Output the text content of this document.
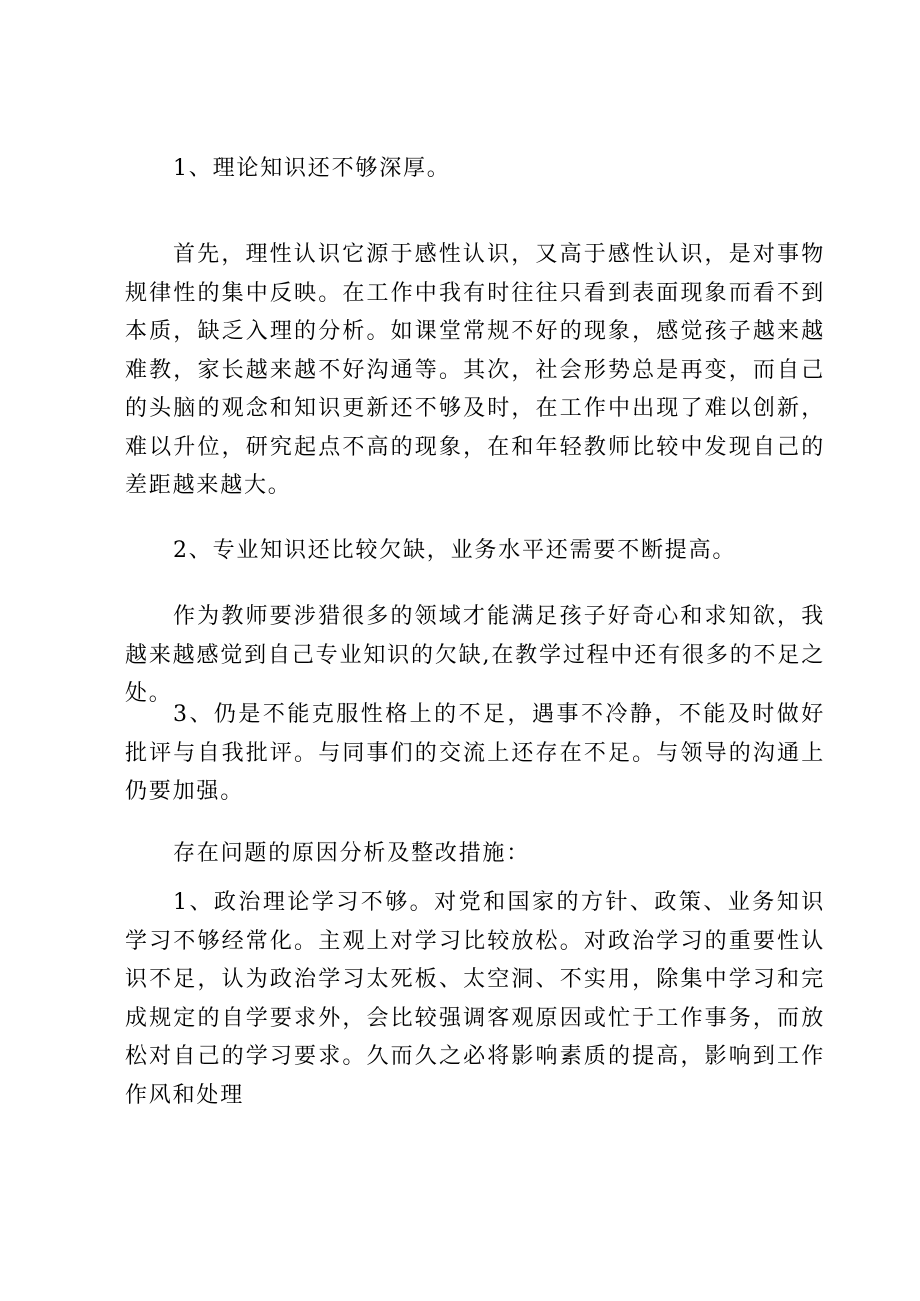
1、理论知识还不够深厚。

首先，理性认识它源于感性认识，又高于感性认识，是对事物规律性的集中反映。在工作中我有时往往只看到表面现象而看不到本质，缺乏入理的分析。如课堂常规不好的现象，感觉孩子越来越难教，家长越来越不好沟通等。其次，社会形势总是再变，而自己的头脑的观念和知识更新还不够及时，在工作中出现了难以创新，难以升位，研究起点不高的现象，在和年轻教师比较中发现自己的差距越来越大。

2、专业知识还比较欠缺，业务水平还需要不断提高。

作为教师要涉猎很多的领域才能满足孩子好奇心和求知欲，我越来越感觉到自己专业知识的欠缺,在教学过程中还有很多的不足之处。

3、仍是不能克服性格上的不足，遇事不冷静，不能及时做好批评与自我批评。与同事们的交流上还存在不足。与领导的沟通上仍要加强。

存在问题的原因分析及整改措施：

1、政治理论学习不够。对党和国家的方针、政策、业务知识学习不够经常化。主观上对学习比较放松。对政治学习的重要性认识不足，认为政治学习太死板、太空洞、不实用，除集中学习和完成规定的自学要求外，会比较强调客观原因或忙于工作事务，而放松对自己的学习要求。久而久之必将影响素质的提高，影响到工作作风和处理
